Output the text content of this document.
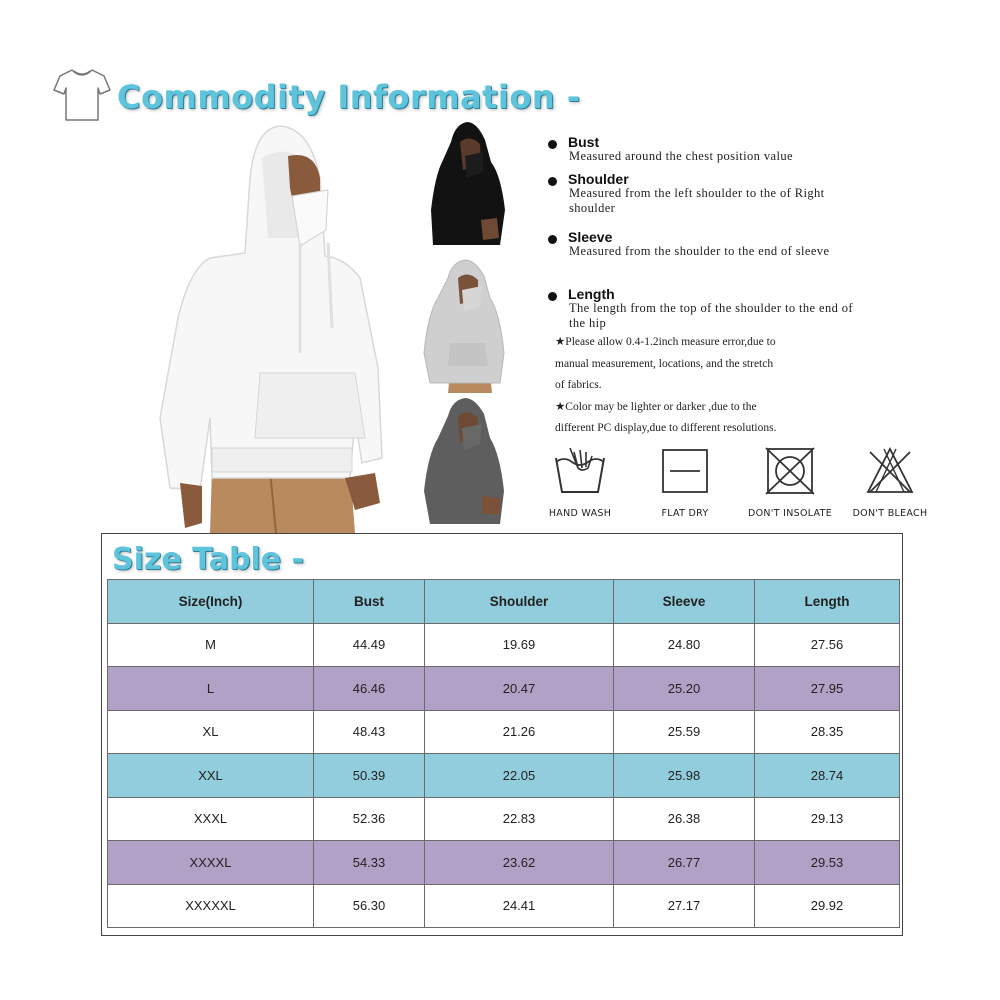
Commodity Information -
Bust
Measured around the chest position value
Shoulder
Measured from the left shoulder to the of Right shoulder
Sleeve
Measured from the shoulder to the end of sleeve
Length
The length from the top of the shoulder to the end of the hip

★Please allow 0.4-1.2inch measure error,due to

manual measurement, locations, and the stretch

of fabrics.

★Color may be lighter or darker ,due to the

different PC display,due to different resolutions.

HAND WASH	FLAT DRY	DON'T INSOLATE	DON'T BLEACH
Size Table -
Size(Inch)	Bust	Shoulder	Sleeve	Length
M	44.49	19.69	24.80	27.56
L	46.46	20.47	25.20	27.95
XL	48.43	21.26	25.59	28.35
XXL	50.39	22.05	25.98	28.74
XXXL	52.36	22.83	26.38	29.13
XXXXL	54.33	23.62	26.77	29.53
XXXXXL	56.30	24.41	27.17	29.92
